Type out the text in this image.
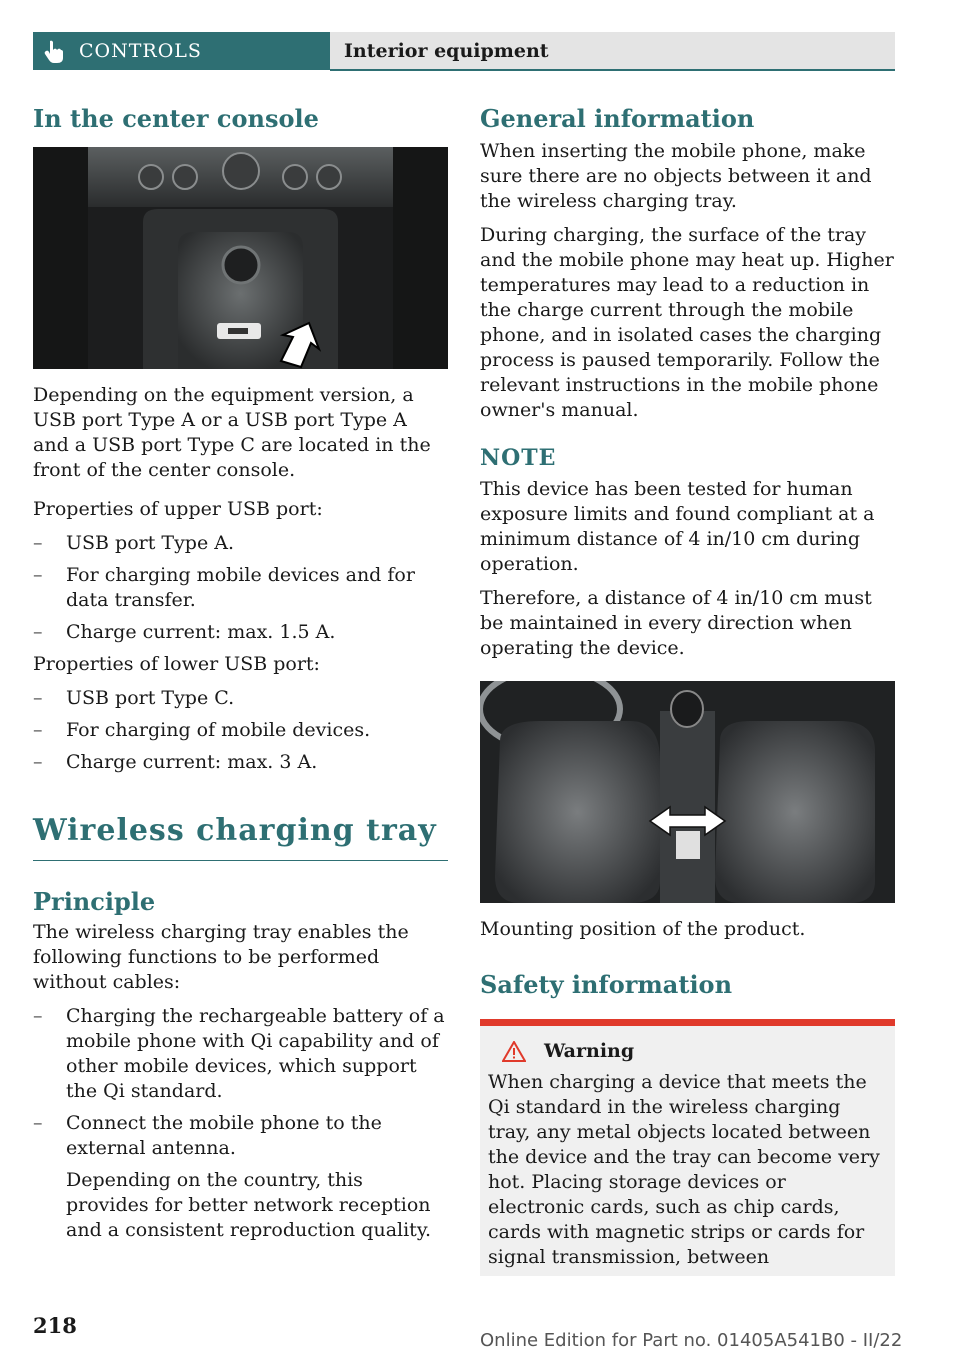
CONTROLS	Interior equipment
In the center console

Depending on the equipment version, a USB port Type A or a USB port Type A and a USB port Type C are located in the front of the center console.

Properties of upper USB port:

– USB port Type A.
– For charging mobile devices and for data transfer.
– Charge current: max. 1.5 A.

Properties of lower USB port:

– USB port Type C.
– For charging of mobile devices.
– Charge current: max. 3 A.
Wireless charging tray
Principle

The wireless charging tray enables the following functions to be performed without cables:

– Charging the rechargeable battery of a mobile phone with Qi capability and of other mobile devices, which support the Qi standard.
– Connect the mobile phone to the external antenna.
Depending on the country, this provides for better network reception and a consistent reproduction quality.
General information

When inserting the mobile phone, make sure there are no objects between it and the wireless charging tray.

During charging, the surface of the tray and the mobile phone may heat up. Higher temperatures may lead to a reduction in the charge current through the mobile phone, and in isolated cases the charging process is paused temporarily. Follow the relevant instructions in the mobile phone owner's manual.

NOTE

This device has been tested for human exposure limits and found compliant at a minimum distance of 4 in/10 cm during operation.

Therefore, a distance of 4 in/10 cm must be maintained in every direction when operating the device.

Mounting position of the product.

Safety information
Warning

When charging a device that meets the Qi standard in the wireless charging tray, any metal objects located between the device and the tray can become very hot. Placing storage devices or electronic cards, such as chip cards, cards with magnetic strips or cards for signal transmission, between

218
Online Edition for Part no. 01405A541B0 - II/22
